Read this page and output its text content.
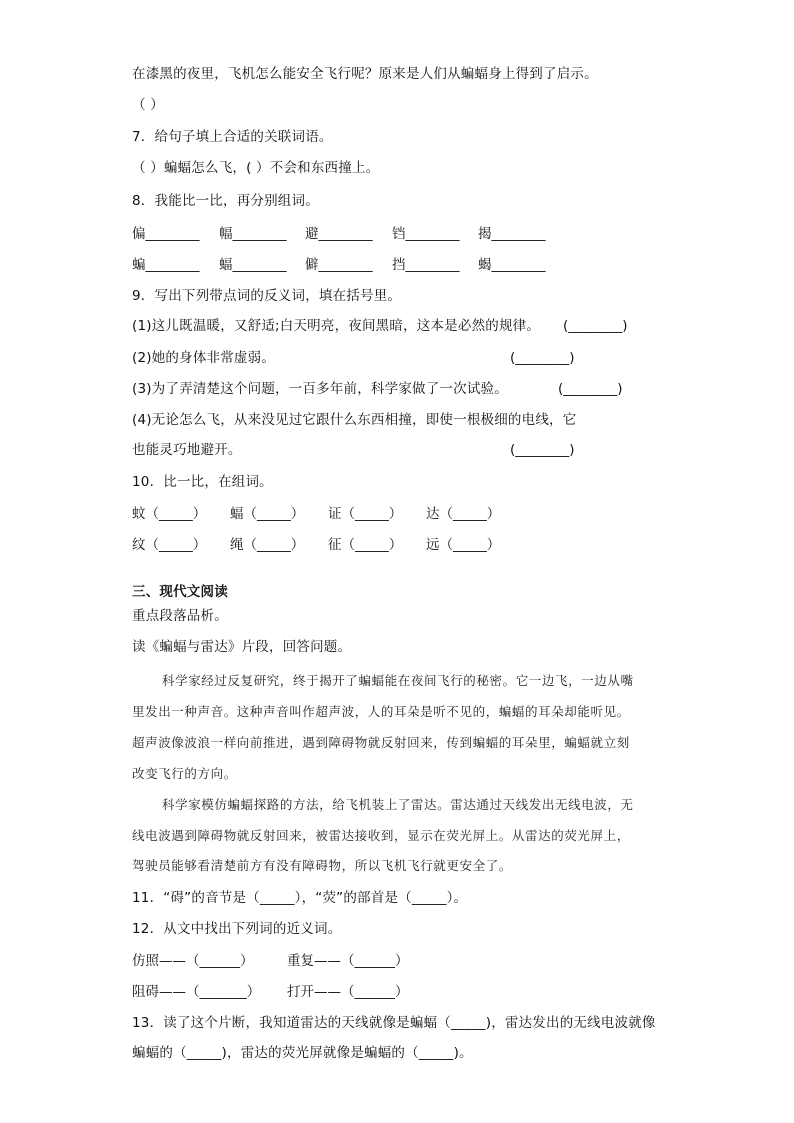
在漆黑的夜里，飞机怎么能安全飞行呢？原来是人们从蝙蝠身上得到了启示。
（ ）
7．给句子填上合适的关联词语。
（ ）蝙蝠怎么飞，( ）不会和东西撞上。
8．我能比一比，再分别组词。
偏________ 幅________ 避________ 铛________ 揭________
蝙________ 蝠________ 僻________ 挡________ 蝎________
9．写出下列带点词的反义词，填在括号里。
(1)这儿既温暖，又舒适;白天明亮，夜间黑暗，这本是必然的规律。 (________)
(2)她的身体非常虚弱。	(________)
(3)为了弄清楚这个问题，一百多年前，科学家做了一次试验。	(________)
(4)无论怎么飞，从来没见过它跟什么东西相撞，即使一根极细的电线，它
也能灵巧地避开。	(________)
10．比一比，在组词。
蚊（_____） 蝠（_____） 证（_____） 达（_____）
纹（_____） 绳（_____） 征（_____） 远（_____）
三、现代文阅读
重点段落品析。
读《蝙蝠与雷达》片段，回答问题。
科学家经过反复研究，终于揭开了蝙蝠能在夜间飞行的秘密。它一边飞，一边从嘴
里发出一种声音。这种声音叫作超声波，人的耳朵是听不见的，蝙蝠的耳朵却能听见。
超声波像波浪一样向前推进，遇到障碍物就反射回来，传到蝙蝠的耳朵里，蝙蝠就立刻
改变飞行的方向。
科学家模仿蝙蝠探路的方法，给飞机装上了雷达。雷达通过天线发出无线电波，无
线电波遇到障碍物就反射回来，被雷达接收到，显示在荧光屏上。从雷达的荧光屏上，
驾驶员能够看清楚前方有没有障碍物，所以飞机飞行就更安全了。
11．“碍”的音节是（_____），“荧”的部首是（_____）。
12．从文中找出下列词的近义词。
仿照——（______） 重复——（______）
阻碍——（_______） 打开——（______）
13．读了这个片断，我知道雷达的天线就像是蝙蝠（_____)，雷达发出的无线电波就像
蝙蝠的（_____)，雷达的荧光屏就像是蝙蝠的（_____)。
